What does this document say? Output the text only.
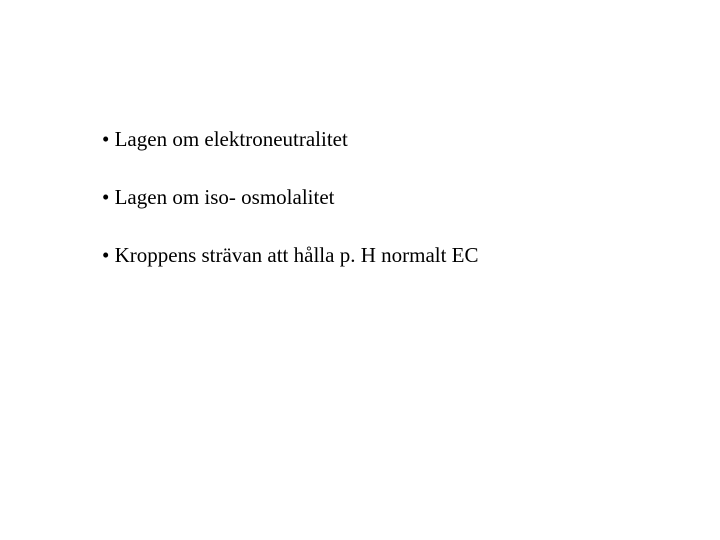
• Lagen om elektroneutralitet
• Lagen om iso- osmolalitet
• Kroppens strävan att hålla p. H normalt EC
